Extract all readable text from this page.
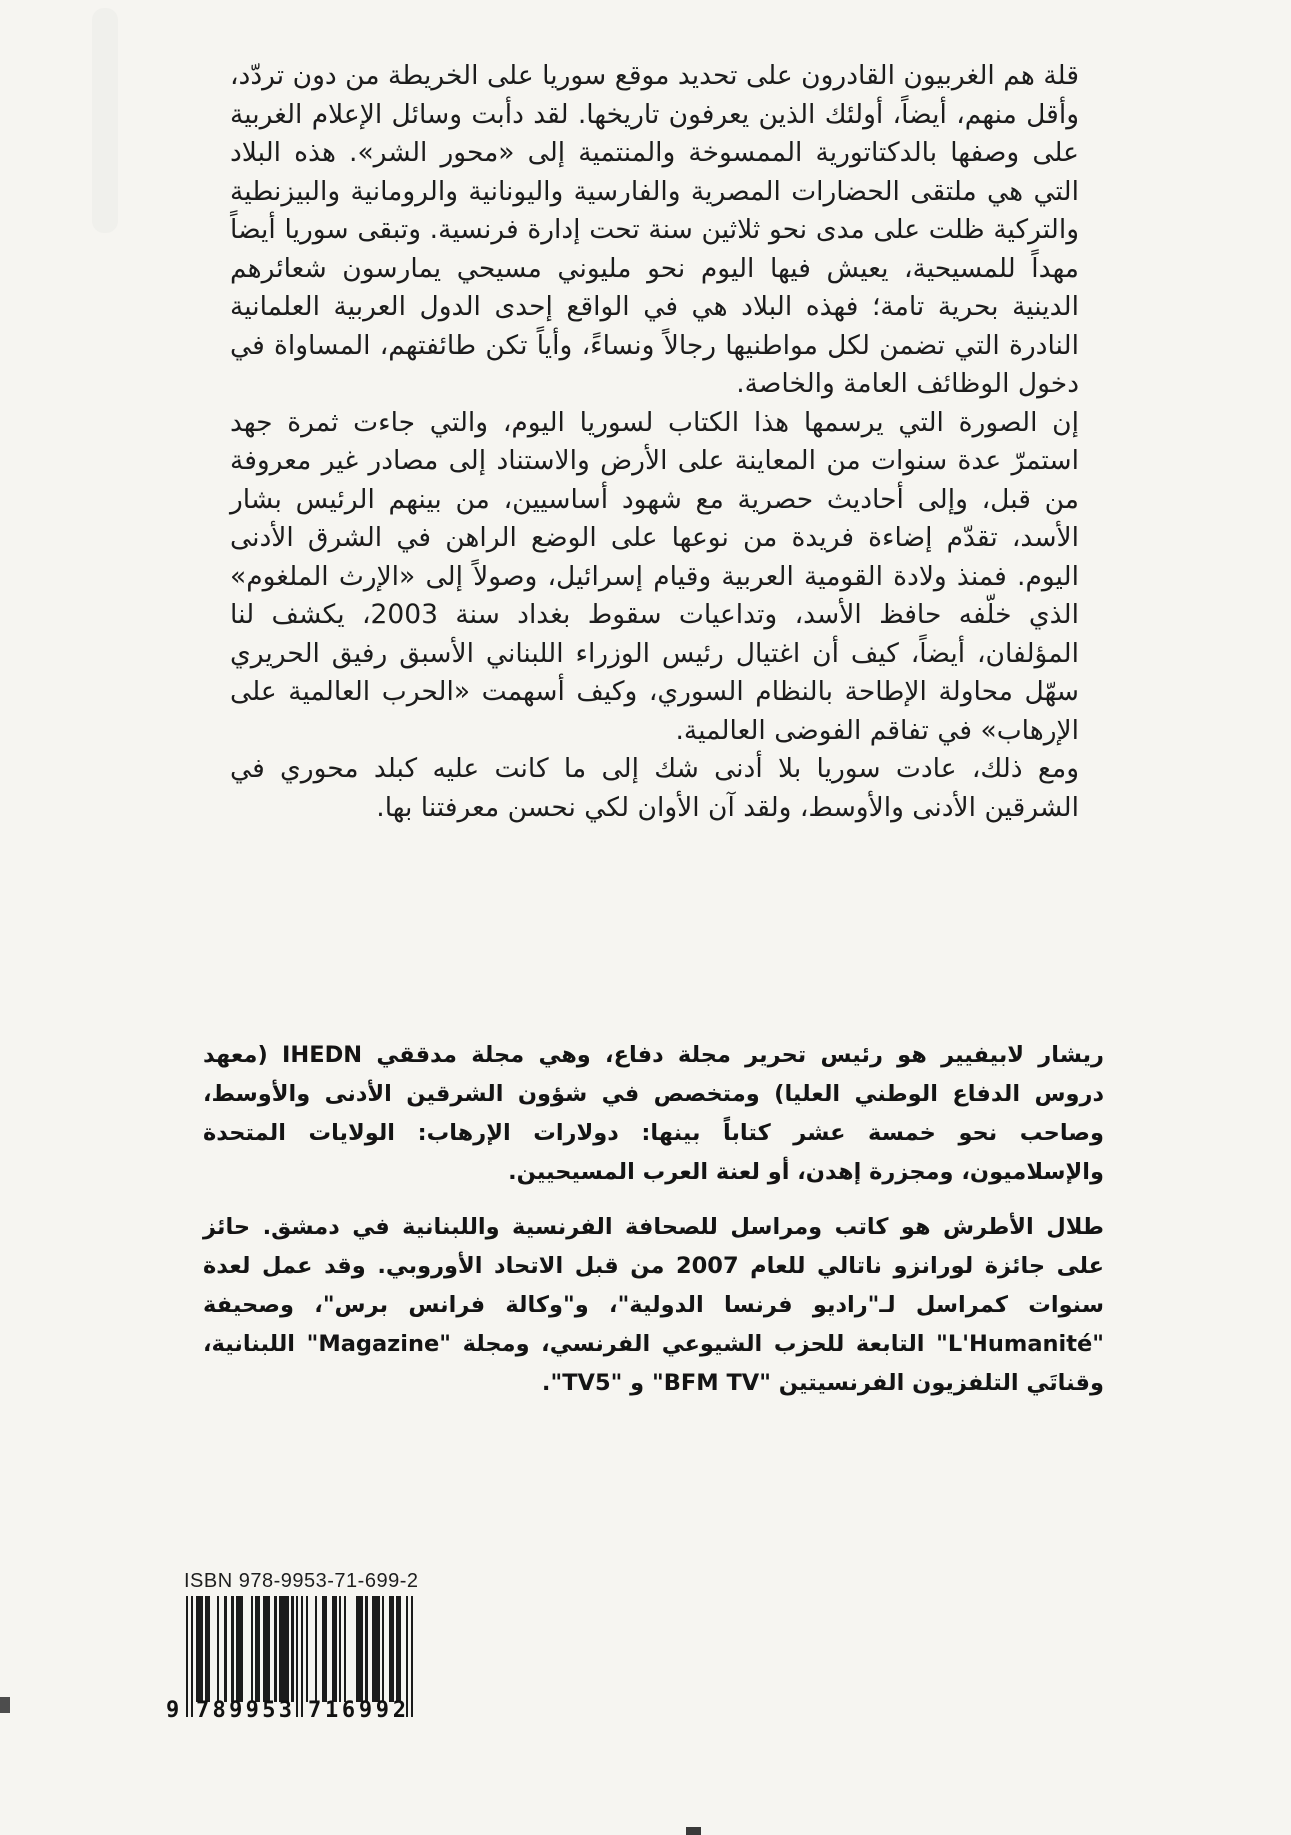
قلة هم الغربيون القادرون على تحديد موقع سوريا على الخريطة من دون تردّد، وأقل منهم، أيضاً، أولئك الذين يعرفون تاريخها. لقد دأبت وسائل الإعلام الغربية على وصفها بالدكتاتورية الممسوخة والمنتمية إلى «محور الشر». هذه البلاد التي هي ملتقى الحضارات المصرية والفارسية واليونانية والرومانية والبيزنطية والتركية ظلت على مدى نحو ثلاثين سنة تحت إدارة فرنسية. وتبقى سوريا أيضاً مهداً للمسيحية، يعيش فيها اليوم نحو مليوني مسيحي يمارسون شعائرهم الدينية بحرية تامة؛ فهذه البلاد هي في الواقع إحدى الدول العربية العلمانية النادرة التي تضمن لكل مواطنيها رجالاً ونساءً، وأياً تكن طائفتهم، المساواة في دخول الوظائف العامة والخاصة.

إن الصورة التي يرسمها هذا الكتاب لسوريا اليوم، والتي جاءت ثمرة جهد استمرّ عدة سنوات من المعاينة على الأرض والاستناد إلى مصادر غير معروفة من قبل، وإلى أحاديث حصرية مع شهود أساسيين، من بينهم الرئيس بشار الأسد، تقدّم إضاءة فريدة من نوعها على الوضع الراهن في الشرق الأدنى اليوم. فمنذ ولادة القومية العربية وقيام إسرائيل، وصولاً إلى «الإرث الملغوم» الذي خلّفه حافظ الأسد، وتداعيات سقوط بغداد سنة 2003، يكشف لنا المؤلفان، أيضاً، كيف أن اغتيال رئيس الوزراء اللبناني الأسبق رفيق الحريري سهّل محاولة الإطاحة بالنظام السوري، وكيف أسهمت «الحرب العالمية على الإرهاب» في تفاقم الفوضى العالمية.

ومع ذلك، عادت سوريا بلا أدنى شك إلى ما كانت عليه كبلد محوري في الشرقين الأدنى والأوسط، ولقد آن الأوان لكي نحسن معرفتنا بها.

ريشار لابيفيير هو رئيس تحرير مجلة دفاع، وهي مجلة مدققي IHEDN (معهد دروس الدفاع الوطني العليا) ومتخصص في شؤون الشرقين الأدنى والأوسط، وصاحب نحو خمسة عشر كتاباً بينها: دولارات الإرهاب: الولايات المتحدة والإسلاميون، ومجزرة إهدن، أو لعنة العرب المسيحيين.

طلال الأطرش هو كاتب ومراسل للصحافة الفرنسية واللبنانية في دمشق. حائز على جائزة لورانزو ناتالي للعام 2007 من قبل الاتحاد الأوروبي. وقد عمل لعدة سنوات كمراسل لـ"راديو فرنسا الدولية"، و"وكالة فرانس برس"، وصحيفة "L'Humanité" التابعة للحزب الشيوعي الفرنسي، ومجلة "Magazine" اللبنانية، وقناتَي التلفزيون الفرنسيتين "BFM TV" و "TV5".

ISBN 978-9953-71-699-2
9 7 8 9 9 5 3 7 1 6 9 9 2
